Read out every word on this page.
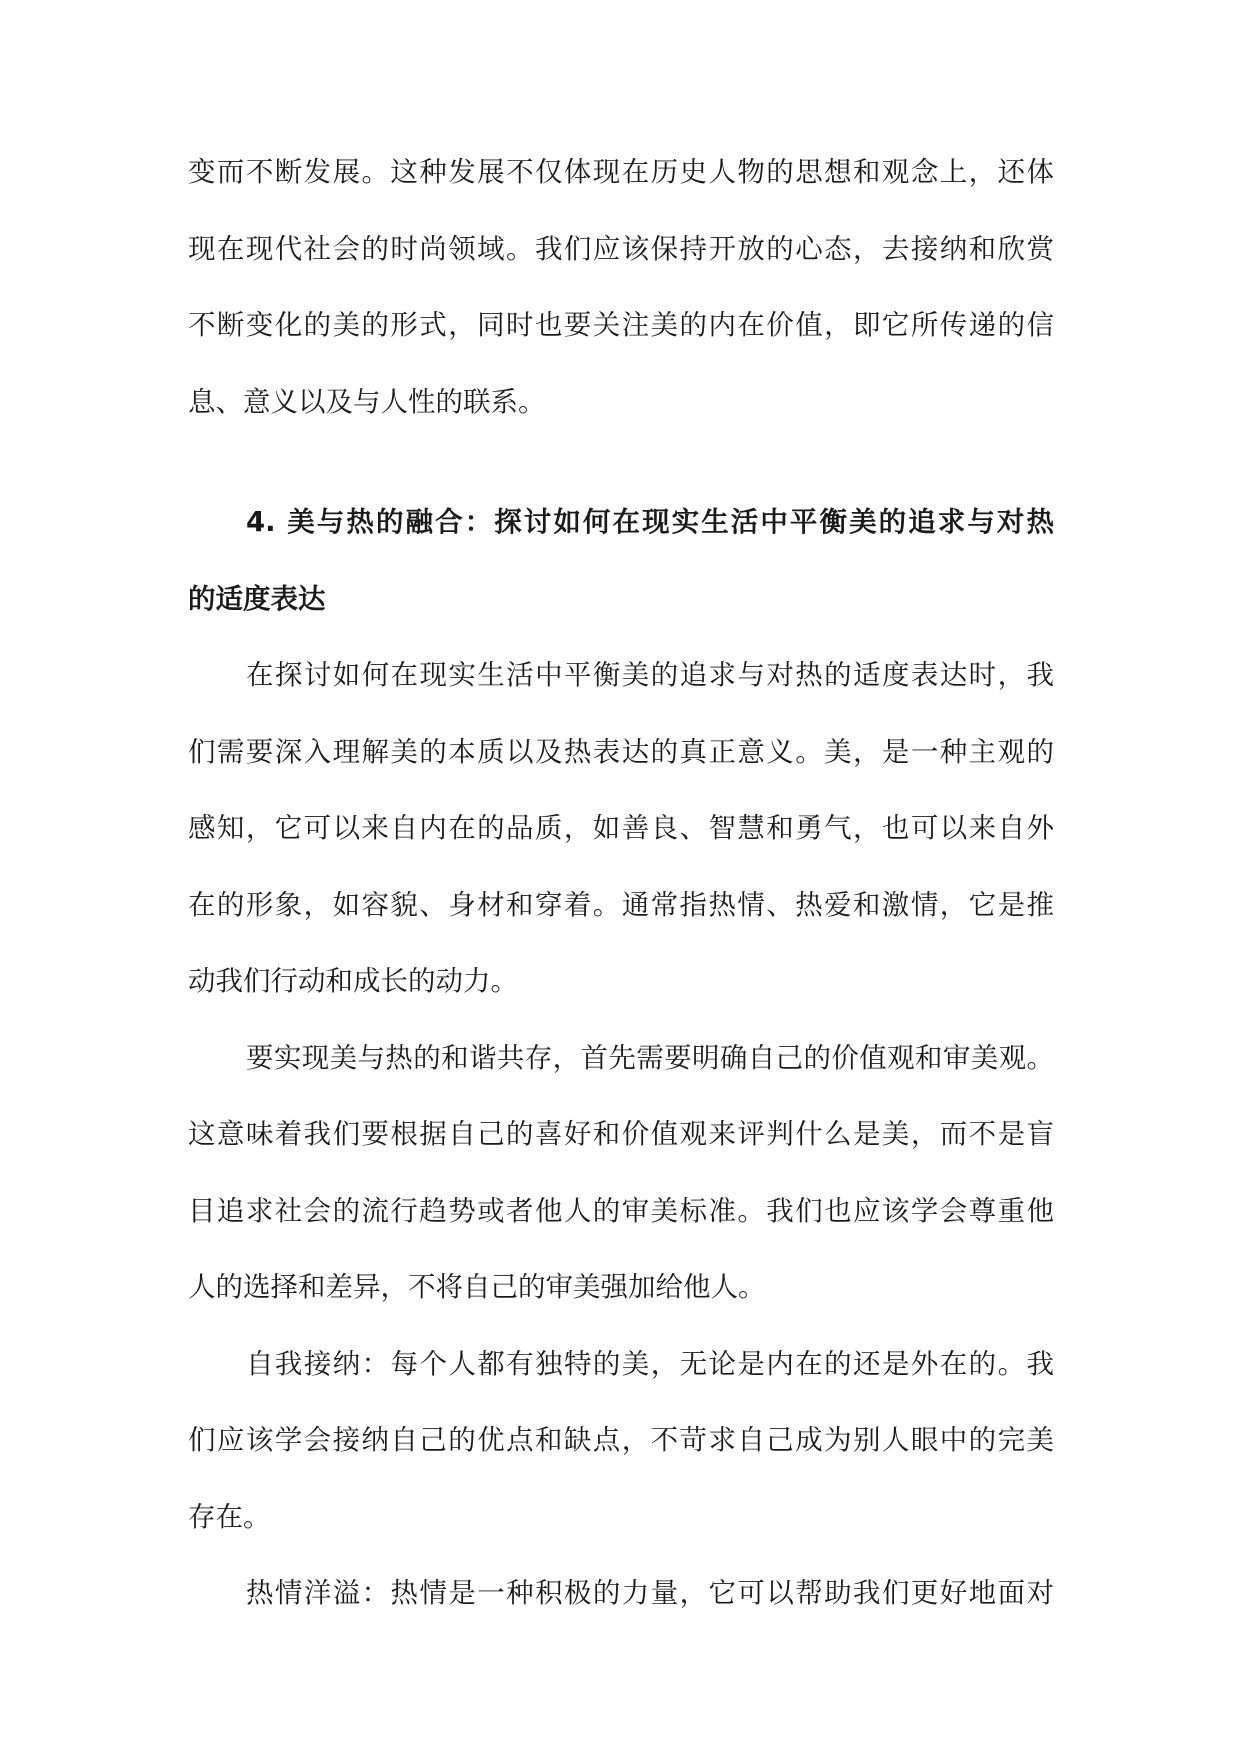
变而不断发展。这种发展不仅体现在历史人物的思想和观念上，还体
现在现代社会的时尚领域。我们应该保持开放的心态，去接纳和欣赏
不断变化的美的形式，同时也要关注美的内在价值，即它所传递的信
息、意义以及与人性的联系。
4. 美与热的融合：探讨如何在现实生活中平衡美的追求与对热
的适度表达
在探讨如何在现实生活中平衡美的追求与对热的适度表达时，我
们需要深入理解美的本质以及热表达的真正意义。美，是一种主观的
感知，它可以来自内在的品质，如善良、智慧和勇气，也可以来自外
在的形象，如容貌、身材和穿着。通常指热情、热爱和激情，它是推
动我们行动和成长的动力。
要实现美与热的和谐共存，首先需要明确自己的价值观和审美观。
这意味着我们要根据自己的喜好和价值观来评判什么是美，而不是盲
目追求社会的流行趋势或者他人的审美标准。我们也应该学会尊重他
人的选择和差异，不将自己的审美强加给他人。
自我接纳：每个人都有独特的美，无论是内在的还是外在的。我
们应该学会接纳自己的优点和缺点，不苛求自己成为别人眼中的完美
存在。
热情洋溢：热情是一种积极的力量，它可以帮助我们更好地面对
